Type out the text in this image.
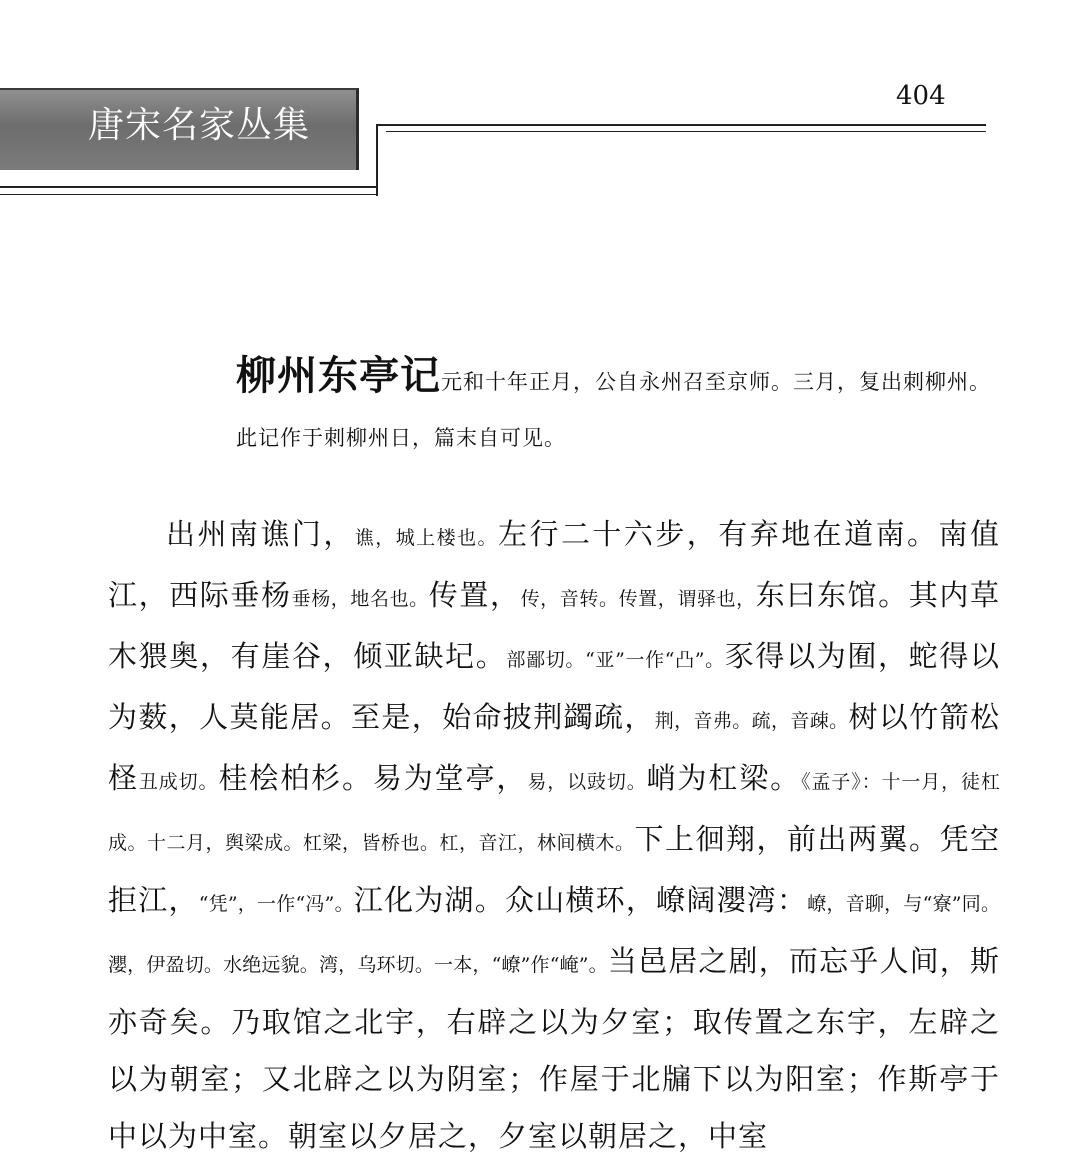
唐宋名家丛集
404
柳州东亭记元和十年正月，公自永州召至京师。三月，复出刺柳州。此记作于刺柳州日，篇末自可见。

出州南谯门，谯，城上楼也。左行二十六步，有弃地在道南。南值江，西际垂杨垂杨，地名也。传置，传，音转。传置，谓驿也，东曰东馆。其内草木猥奥，有崖谷，倾亚缺圮。部鄙切。“亚”一作“凸”。豕得以为囿，蛇得以为薮，人莫能居。至是，始命披荆蠲疏，荆，音弗。疏，音疎。树以竹箭松柽丑成切。桂桧柏杉。易为堂亭，易，以豉切。峭为杠梁。《孟子》：十一月，徒杠成。十二月，舆梁成。杠梁，皆桥也。杠，音江，林间横木。下上徊翔，前出两翼。凭空拒江，“凭”，一作“冯”。江化为湖。众山横环，嶛阔瀴湾：嶛，音聊，与“寮”同。瀴，伊盈切。水绝远貌。湾，乌环切。一本，“嶛”作“崦”。当邑居之剧，而忘乎人间，斯亦奇矣。乃取馆之北宇，右辟之以为夕室；取传置之东宇，左辟之以为朝室；又北辟之以为阴室；作屋于北牖下以为阳室；作斯亭于中以为中室。朝室以夕居之，夕室以朝居之，中室
